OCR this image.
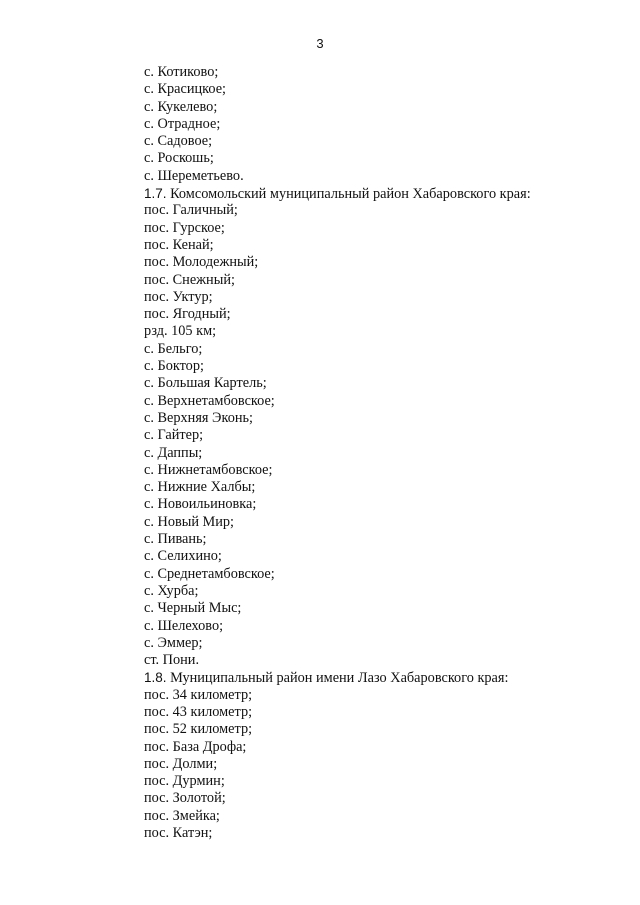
3
с. Котиково;
с. Красицкое;
с. Кукелево;
с. Отрадное;
с. Садовое;
с. Роскошь;
с. Шереметьево.
1.7. Комсомольский муниципальный район Хабаровского края:
пос. Галичный;
пос. Гурское;
пос. Кенай;
пос. Молодежный;
пос. Снежный;
пос. Уктур;
пос. Ягодный;
рзд. 105 км;
с. Бельго;
с. Боктор;
с. Большая Картель;
с. Верхнетамбовское;
с. Верхняя Эконь;
с. Гайтер;
с. Даппы;
с. Нижнетамбовское;
с. Нижние Халбы;
с. Новоильиновка;
с. Новый Мир;
с. Пивань;
с. Селихино;
с. Среднетамбовское;
с. Хурба;
с. Черный Мыс;
с. Шелехово;
с. Эммер;
ст. Пони.
1.8. Муниципальный район имени Лазо Хабаровского края:
пос. 34 километр;
пос. 43 километр;
пос. 52 километр;
пос. База Дрофа;
пос. Долми;
пос. Дурмин;
пос. Золотой;
пос. Змейка;
пос. Катэн;
